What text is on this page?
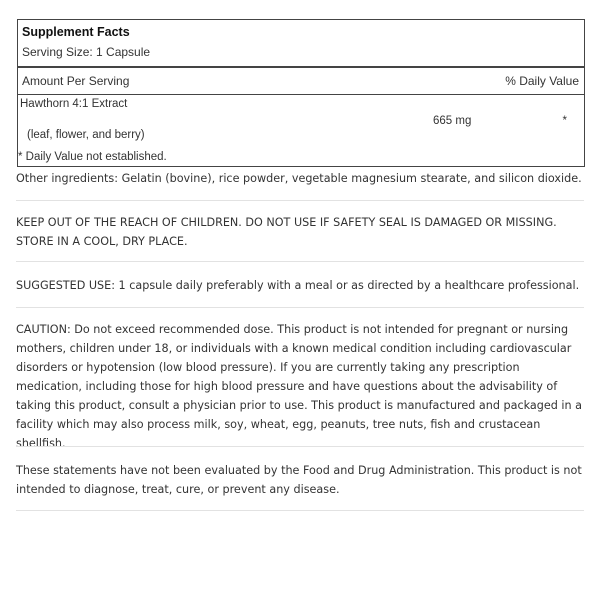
Supplement Facts
Serving Size: 1 Capsule
Amount Per Serving	% Daily Value
Hawthorn 4:1 Extract
665 mg	*
(leaf, flower, and berry)
* Daily Value not established.
Other ingredients: Gelatin (bovine), rice powder, vegetable magnesium stearate, and silicon dioxide.
KEEP OUT OF THE REACH OF CHILDREN. DO NOT USE IF SAFETY SEAL IS DAMAGED OR MISSING. STORE IN A COOL, DRY PLACE.
SUGGESTED USE: 1 capsule daily preferably with a meal or as directed by a healthcare professional.
CAUTION: Do not exceed recommended dose. This product is not intended for pregnant or nursing mothers, children under 18, or individuals with a known medical condition including cardiovascular disorders or hypotension (low blood pressure). If you are currently taking any prescription medication, including those for high blood pressure and have questions about the advisability of taking this product, consult a physician prior to use. This product is manufactured and packaged in a facility which may also process milk, soy, wheat, egg, peanuts, tree nuts, fish and crustacean shellfish.
These statements have not been evaluated by the Food and Drug Administration. This product is not intended to diagnose, treat, cure, or prevent any disease.
